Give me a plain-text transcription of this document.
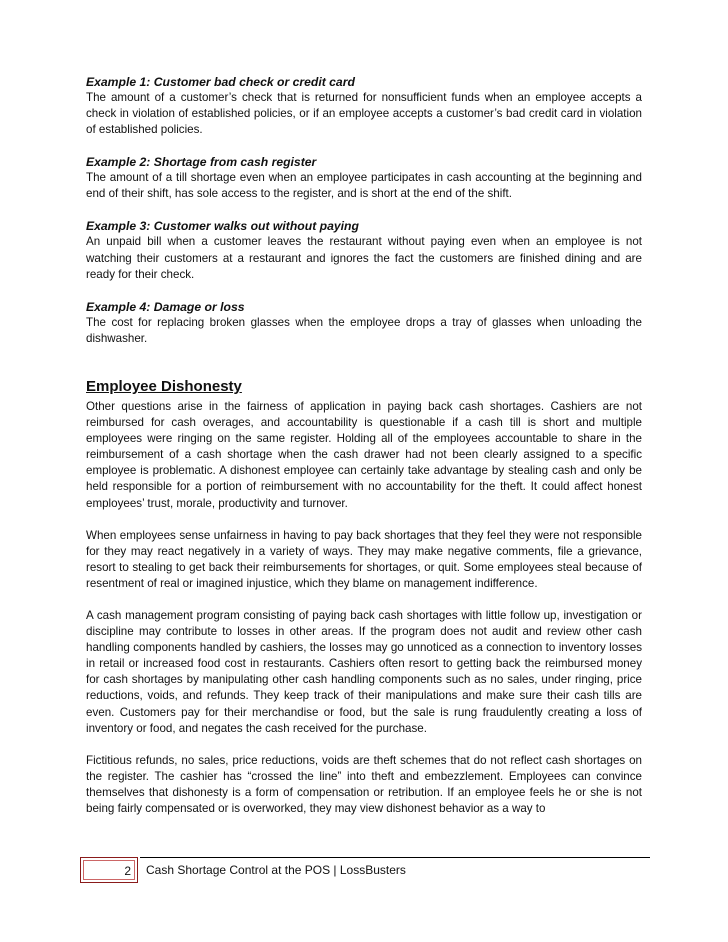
Example 1: Customer bad check or credit card

The amount of a customer’s check that is returned for nonsufficient funds when an employee accepts a check in violation of established policies, or if an employee accepts a customer’s bad credit card in violation of established policies.

Example 2: Shortage from cash register

The amount of a till shortage even when an employee participates in cash accounting at the beginning and end of their shift, has sole access to the register, and is short at the end of the shift.

Example 3: Customer walks out without paying

An unpaid bill when a customer leaves the restaurant without paying even when an employee is not watching their customers at a restaurant and ignores the fact the customers are finished dining and are ready for their check.

Example 4: Damage or loss

The cost for replacing broken glasses when the employee drops a tray of glasses when unloading the dishwasher.

Employee Dishonesty

Other questions arise in the fairness of application in paying back cash shortages. Cashiers are not reimbursed for cash overages, and accountability is questionable if a cash till is short and multiple employees were ringing on the same register. Holding all of the employees accountable to share in the reimbursement of a cash shortage when the cash drawer had not been clearly assigned to a specific employee is problematic. A dishonest employee can certainly take advantage by stealing cash and only be held responsible for a portion of reimbursement with no accountability for the theft. It could affect honest employees’ trust, morale, productivity and turnover.

When employees sense unfairness in having to pay back shortages that they feel they were not responsible for they may react negatively in a variety of ways. They may make negative comments, file a grievance, resort to stealing to get back their reimbursements for shortages, or quit. Some employees steal because of resentment of real or imagined injustice, which they blame on management indifference.

A cash management program consisting of paying back cash shortages with little follow up, investigation or discipline may contribute to losses in other areas. If the program does not audit and review other cash handling components handled by cashiers, the losses may go unnoticed as a connection to inventory losses in retail or increased food cost in restaurants. Cashiers often resort to getting back the reimbursed money for cash shortages by manipulating other cash handling components such as no sales, under ringing, price reductions, voids, and refunds. They keep track of their manipulations and make sure their cash tills are even. Customers pay for their merchandise or food, but the sale is rung fraudulently creating a loss of inventory or food, and negates the cash received for the purchase.

Fictitious refunds, no sales, price reductions, voids are theft schemes that do not reflect cash shortages on the register. The cashier has “crossed the line” into theft and embezzlement. Employees can convince themselves that dishonesty is a form of compensation or retribution. If an employee feels he or she is not being fairly compensated or is overworked, they may view dishonest behavior as a way to

2 Cash Shortage Control at the POS | LossBusters
